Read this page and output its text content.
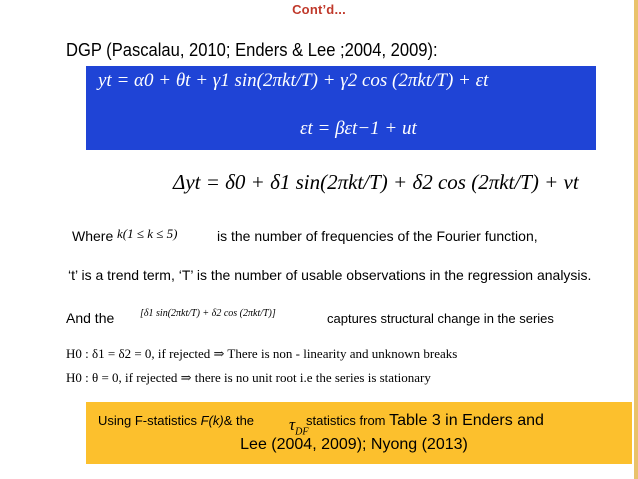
Cont’d...
DGP (Pascalau, 2010; Enders & Lee ;2004, 2009):
yt = α0 + θt + γ1 sin(2πkt/T) + γ2 cos (2πkt/T) + εt
εt = βεt−1 + ut
Δyt = δ0 + δ1 sin(2πkt/T) + δ2 cos (2πkt/T) + vt
Where k(1 ≤ k ≤ 5)	is the number of frequencies of the Fourier function,
‘t’ is a trend term, ‘T’ is the number of usable observations in the regression analysis.
And the	[δ1 sin(2πkt/T) + δ2 cos (2πkt/T)]	captures structural change in the series
H0 : δ1 = δ2 = 0, if rejected ⇒ There is non - linearity and unknown breaks
H0 : θ = 0, if rejected ⇒ there is no unit root i.e the series is stationary
Using F-statistics F(k)& the	statistics from Table 3 in Enders and
$\tau_{DF}$
Lee (2004, 2009); Nyong (2013)
